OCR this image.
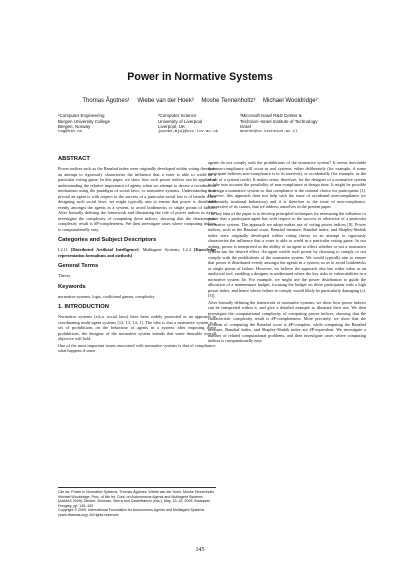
Power in Normative Systems
Thomas Ågotnes¹ Wiebe van der Hoek² Moshe Tennenholtz³ Michael Wooldridge²
¹Computer Engineering
Bergen University College
Bergen, Norway
tag@hib.no
²Computer Science
University of Liverpool
Liverpool, UK
{wiebe,mjw}@csc.liv.ac.uk
³Microsoft Israel R&D Center &
Technion–Israel Institute of Technology
Israel
moshet@ie.technion.ac.il
ABSTRACT

Power indices such as the Banzhaf index were originally developed within voting theory in an attempt to rigorously characterise the influence that a voter is able to wield in a particular voting game. In this paper, we show how such power indices can be applied to understanding the relative importance of agents when we attempt to devise a coordination mechanism using the paradigm of social laws, or normative systems. Understanding how pivotal an agent is with respect to the success of a particular social law is of benefit when designing such social laws: we might typically aim to ensure that power is distributed evenly amongst the agents in a system, to avoid bottlenecks or single points of failure. After formally defining the framework and illustrating the role of power indices in it, we investigate the complexity of computing these indices, showing that the characteristic complexity result is #P-completeness. We then investigate cases where computing indices is computationally easy.

Categories and Subject Descriptors

I.2.11 [Distributed Artificial Intelligence]: Multiagent Systems; I.2.4 [Knowledge representation formalisms and methods]

General Terms

Theory

Keywords

normative systems, logic, coalitional games, complexity

1. INTRODUCTION

Normative systems (a.k.a. social laws) have been widely promoted as an approach to coordinating multi-agent systems [12, 13, 14, 1]. The idea is that a normative system is a set of prohibitions on the behaviour of agents in a system: after imposing these prohibitions, the designer of the normative system intends that some desirable overall objective will hold.

One of the most important issues associated with normative systems is that of compliance: what happens if some

Cite as: Power in Normative Systems, Thomas Ågotnes, Wiebe van der Hoek, Moshe Tennenholtz, Michael Wooldridge, Proc. of 8th Int. Conf. on Autonomous Agents and Multiagent Systems (AAMAS 2009), Decker, Sichman, Sierra and Castelfranchi (eds.), May, 10–15, 2009, Budapest, Hungary, pp. 145–152
Copyright © 2009, International Foundation for Autonomous Agents and Multiagent Systems (www.ifaamas.org). All rights reserved.

agents do not comply with the prohibitions of the normative system? It seems inevitable that non-compliance will occur in real systems, either deliberately (for example, if some participant believes non-compliance is in its interests), or accidentally (for example, as the result of a system crash). It makes sense, therefore, for the designer of a normative system to take into account the possibility of non-compliance at design time. It might be possible to design a normative system so that compliance is the rational choice for participants [1]. However, this approach does not help with the issue of accidental non-compliance (or deliberately irrational behaviour) and it is therefore to the issue of non-compliance, irrespective of its causes, that we address ourselves in the present paper.

The key idea of the paper is to develop principled techniques for measuring the influence or power that a participant agent has with respect to the success or otherwise of a particular normative system. The approach we adopt makes use of voting power indices [8]. Power indices, such as the Banzhaf score, Banzhaf measure, Banzhaf index, and Shapley-Shubik index were originally developed within voting theory in an attempt to rigorously characterise the influence that a voter is able to wield in a particular voting game. In our setting, power is interpreted as the ability of an agent to affect whether or not a normative system has the desired effect. An agent wields such power by choosing to comply or not comply with the prohibitions of the normative system. We would typically aim to ensure that power is distributed evenly amongst the agents in a system, so as to avoid bottlenecks or single points of failure. However, we believe the approach also has wider value as an analytical tool, enabling a designer to understand where the key risks or vulnerabilities in a normative system lie. For example, we might use the power distribution to guide the allocation of a maintenance budget, focusing the budget on those participants with a high power index, and hence whose failure to comply would likely be particularly damaging (cf. [3]).

After formally defining the framework of normative systems, we show how power indices can be interpreted within it, and give a detailed example to illustrate their use. We then investigate the computational complexity of computing power indices, showing that the characteristic complexity result is #P-completeness. More precisely, we show that the problem of computing the Banzhaf score is #P-complete, while computing the Banzhaf measure, Banzhaf index, and Shapley-Shubik index are #P-equivalent. We investigate a number of related computational problems, and then investigate cases where computing indices is computationally easy.

145
